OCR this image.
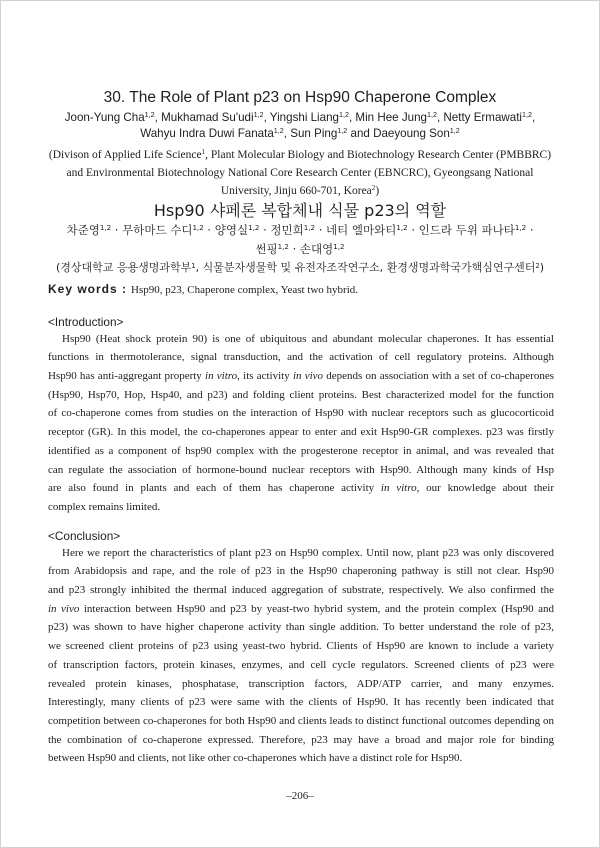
30. The Role of Plant p23 on Hsp90 Chaperone Complex
Joon-Yung Cha$^{1,2}$, Mukhamad Su'udi$^{1,2}$, Yingshi Liang$^{1,2}$, Min Hee Jung$^{1,2}$, Netty Ermawati$^{1,2}$,
Wahyu Indra Duwi Fanata$^{1,2}$, Sun Ping$^{1,2}$ and Daeyoung Son$^{1,2}$
(Divison of Applied Life Science$^1$, Plant Molecular Biology and Biotechnology Research Center (PMBBRC)
and Environmental Biotechnology National Core Research Center (EBNCRC), Gyeongsang National
University, Jinju 660-701, Korea$^2$)
Hsp90 샤페론 복합체내 식물 p23의 역할
차준영$^{1,2}$ · 무하마드 수디$^{1,2}$ · 양영실$^{1,2}$ · 정민희$^{1,2}$ · 네티 엘마와티$^{1,2}$ · 인드라 두위 파나타$^{1,2}$ ·
썬핑$^{1,2}$ · 손대영$^{1,2}$
(경상대학교 응용생명과학부$^1$, 식물분자생물학 및 유전자조작연구소, 환경생명과학국가핵심연구센터$^2$)
Key words : Hsp90, p23, Chaperone complex, Yeast two hybrid.
<Introduction>
Hsp90 (Heat shock protein 90) is one of ubiquitous and abundant molecular chaperones. It has essential
functions in thermotolerance, signal transduction, and the activation of cell regulatory proteins. Although
Hsp90 has anti-aggregant property in vitro, its activity in vivo depends on association with a set of co-chaperones
(Hsp90, Hsp70, Hop, Hsp40, and p23) and folding client proteins. Best characterized model for the function
of co-chaperone comes from studies on the interaction of Hsp90 with nuclear receptors such as glucocorticoid
receptor (GR). In this model, the co-chaperones appear to enter and exit Hsp90-GR complexes. p23 was firstly
identified as a component of hsp90 complex with the progesterone receptor in animal, and was revealed that
can regulate the association of hormone-bound nuclear receptors with Hsp90. Although many kinds of Hsp
are also found in plants and each of them has chaperone activity in vitro, our knowledge about their
complex remains limited.
<Conclusion>
Here we report the characteristics of plant p23 on Hsp90 complex. Until now, plant p23 was only discovered
from Arabidopsis and rape, and the role of p23 in the Hsp90 chaperoning pathway is still not clear. Hsp90
and p23 strongly inhibited the thermal induced aggregation of substrate, respectively. We also confirmed the
in vivo interaction between Hsp90 and p23 by yeast-two hybrid system, and the protein complex (Hsp90 and
p23) was shown to have higher chaperone activity than single addition. To better understand the role of p23,
we screened client proteins of p23 using yeast-two hybrid. Clients of Hsp90 are known to include a variety
of transcription factors, protein kinases, enzymes, and cell cycle regulators. Screened clients of p23 were
revealed protein kinases, phosphatase, transcription factors, ADP/ATP carrier, and many enzymes.
Interestingly, many clients of p23 were same with the clients of Hsp90. It has recently been indicated that
competition between co-chaperones for both Hsp90 and clients leads to distinct functional outcomes depending on
the combination of co-chaperone expressed. Therefore, p23 may have a broad and major role for binding
between Hsp90 and clients, not like other co-chaperones which have a distinct role for Hsp90.
–206–
